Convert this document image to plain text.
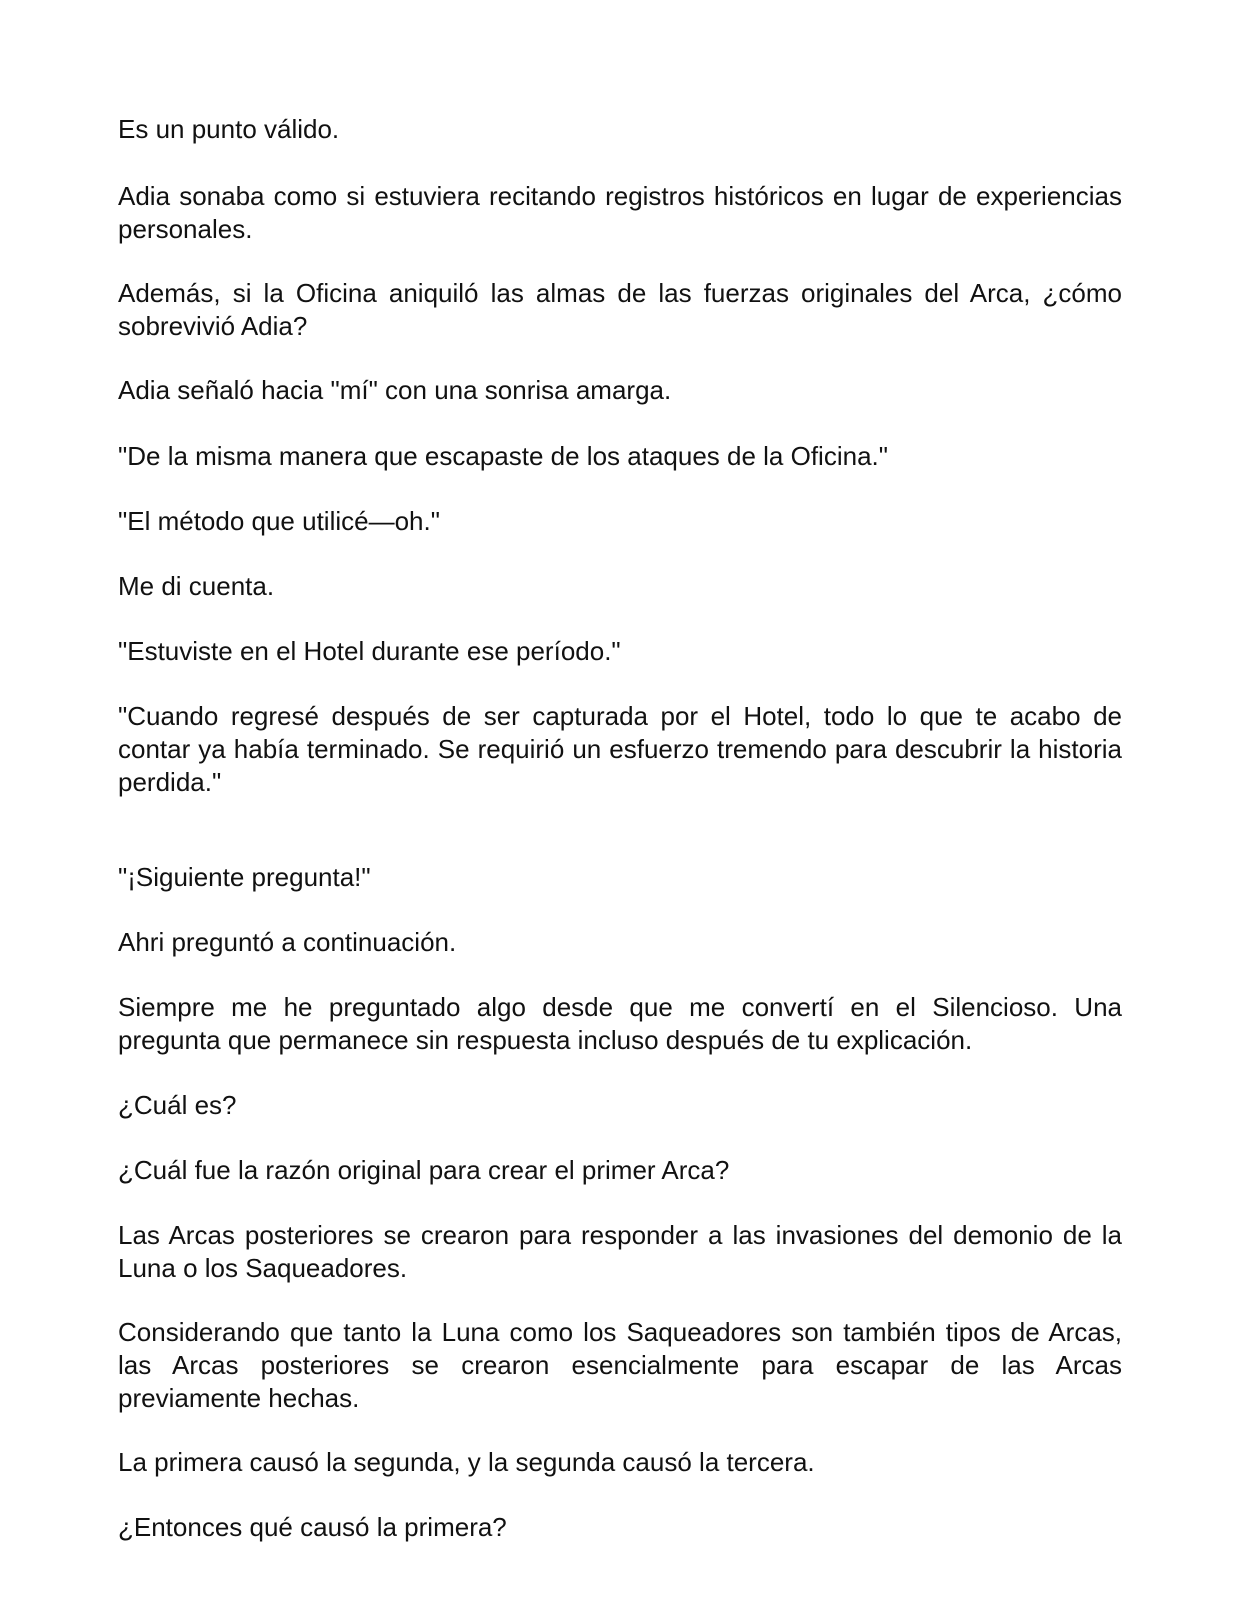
Es un punto válido.

Adia sonaba como si estuviera recitando registros históricos en lugar de experiencias personales.

Además, si la Oficina aniquiló las almas de las fuerzas originales del Arca, ¿cómo sobrevivió Adia?

Adia señaló hacia "mí" con una sonrisa amarga.

"De la misma manera que escapaste de los ataques de la Oficina."

"El método que utilicé—oh."

Me di cuenta.

"Estuviste en el Hotel durante ese período."

"Cuando regresé después de ser capturada por el Hotel, todo lo que te acabo de contar ya había terminado. Se requirió un esfuerzo tremendo para descubrir la historia perdida."

"¡Siguiente pregunta!"

Ahri preguntó a continuación.

Siempre me he preguntado algo desde que me convertí en el Silencioso. Una pregunta que permanece sin respuesta incluso después de tu explicación.

¿Cuál es?

¿Cuál fue la razón original para crear el primer Arca?

Las Arcas posteriores se crearon para responder a las invasiones del demonio de la Luna o los Saqueadores.

Considerando que tanto la Luna como los Saqueadores son también tipos de Arcas, las Arcas posteriores se crearon esencialmente para escapar de las Arcas previamente hechas.

La primera causó la segunda, y la segunda causó la tercera.

¿Entonces qué causó la primera?
